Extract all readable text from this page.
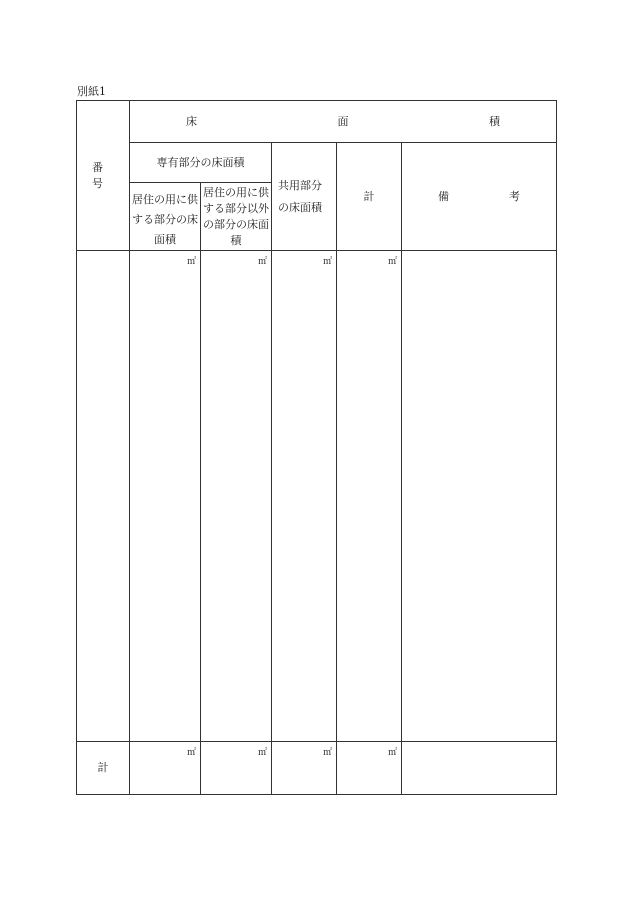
別紙1
番 号	床面積				

	専有部分の床面積		共用部分の床面積	計	備考

	居住の用に供する部分の床面積	居住の用に供する部分以外の部分の床面積			
	㎡	㎡	㎡	㎡	
計	㎡	㎡	㎡	㎡	
